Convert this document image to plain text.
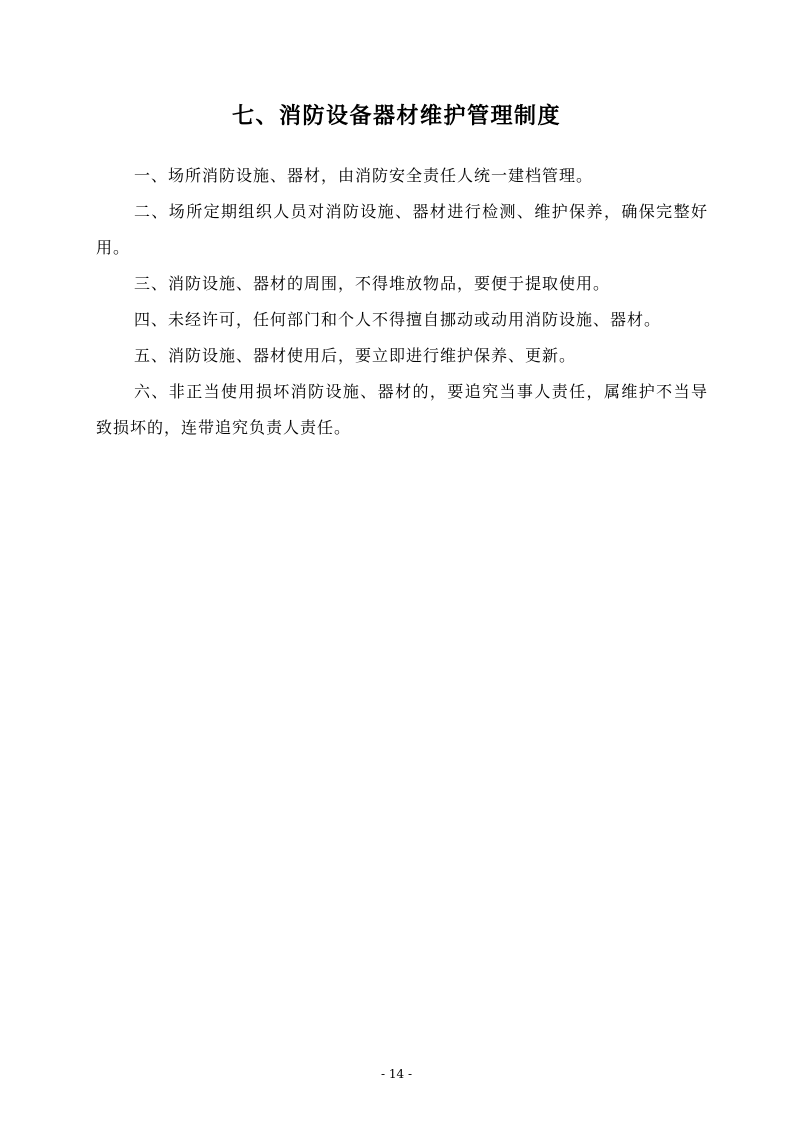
七、消防设备器材维护管理制度

一、场所消防设施、器材，由消防安全责任人统一建档管理。

二、场所定期组织人员对消防设施、器材进行检测、维护保养，确保完整好用。

三、消防设施、器材的周围，不得堆放物品，要便于提取使用。

四、未经许可，任何部门和个人不得擅自挪动或动用消防设施、器材。

五、消防设施、器材使用后，要立即进行维护保养、更新。

六、非正当使用损坏消防设施、器材的，要追究当事人责任，属维护不当导致损坏的，连带追究负责人责任。

- 14 -
